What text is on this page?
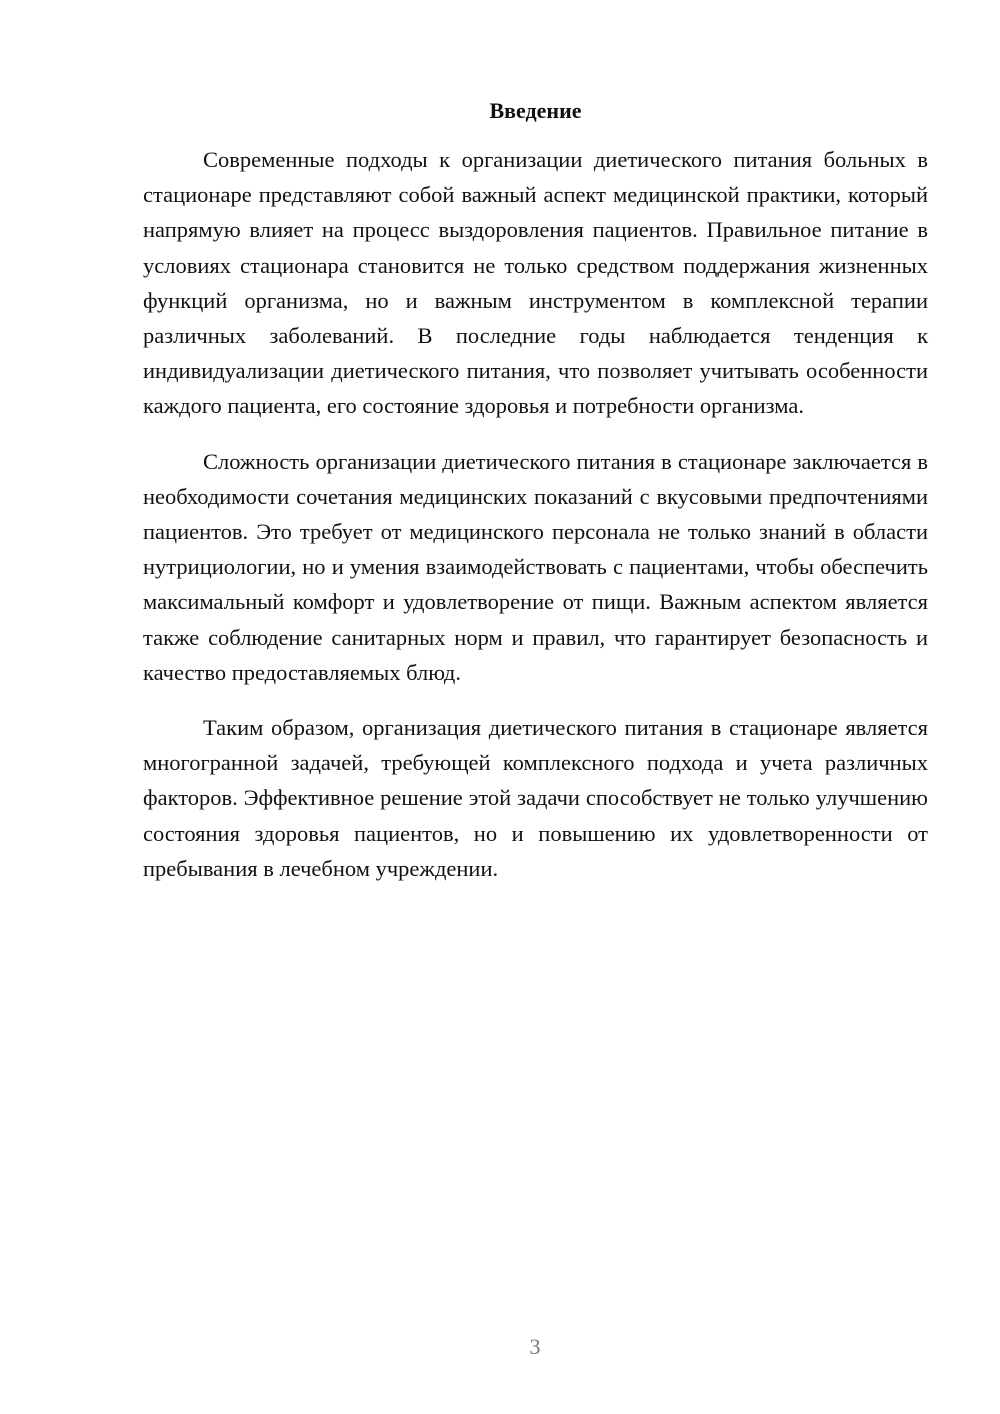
Введение

Современные подходы к организации диетического питания больных в стационаре представляют собой важный аспект медицинской практики, который напрямую влияет на процесс выздоровления пациентов. Правильное питание в условиях стационара становится не только средством поддержания жизненных функций организма, но и важным инструментом в комплексной терапии различных заболеваний. В последние годы наблюдается тенденция к индивидуализации диетического питания, что позволяет учитывать особенности каждого пациента, его состояние здоровья и потребности организма.

Сложность организации диетического питания в стационаре заключается в необходимости сочетания медицинских показаний с вкусовыми предпочтениями пациентов. Это требует от медицинского персонала не только знаний в области нутрициологии, но и умения взаимодействовать с пациентами, чтобы обеспечить максимальный комфорт и удовлетворение от пищи. Важным аспектом является также соблюдение санитарных норм и правил, что гарантирует безопасность и качество предоставляемых блюд.

Таким образом, организация диетического питания в стационаре является многогранной задачей, требующей комплексного подхода и учета различных факторов. Эффективное решение этой задачи способствует не только улучшению состояния здоровья пациентов, но и повышению их удовлетворенности от пребывания в лечебном учреждении.

3
